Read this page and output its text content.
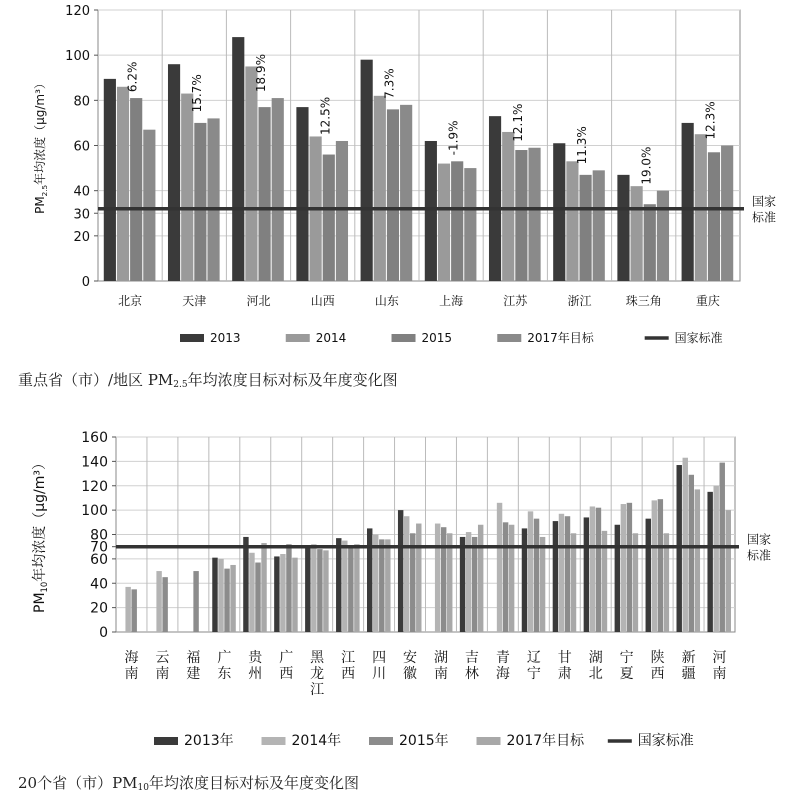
0
20
30
40
60
80
100
120
6.2%
北京
15.7%
天津
18.9%
河北
12.5%
山西
7.3%
山东
-1.9%
上海
12.1%
江苏
11.3%
浙江
19.0%
珠三角
12.3%
重庆
国家
标准
$PM_{2.5}$年均浓度（μg/m³）
2013	2014	2015	2017年目标	国家标准
重点省（市）/地区 $PM_{2.5}$年均浓度目标对标及年度变化图
0
20
40
60
70
80
100
120
140
160
海
南
云
南
福
建
广
东
贵
州
广
西
黑
龙
江
江
西
四
川
安
徽
湖
南
吉
林
青
海
辽
宁
甘
肃
湖
北
宁
夏
陕
西
新
疆
河
南
国家
标准
$PM_{10}$年均浓度（μg/m³）
2013年	2014年	2015年	2017年目标	国家标准
20个省（市）$PM_{10}$年均浓度目标对标及年度变化图
